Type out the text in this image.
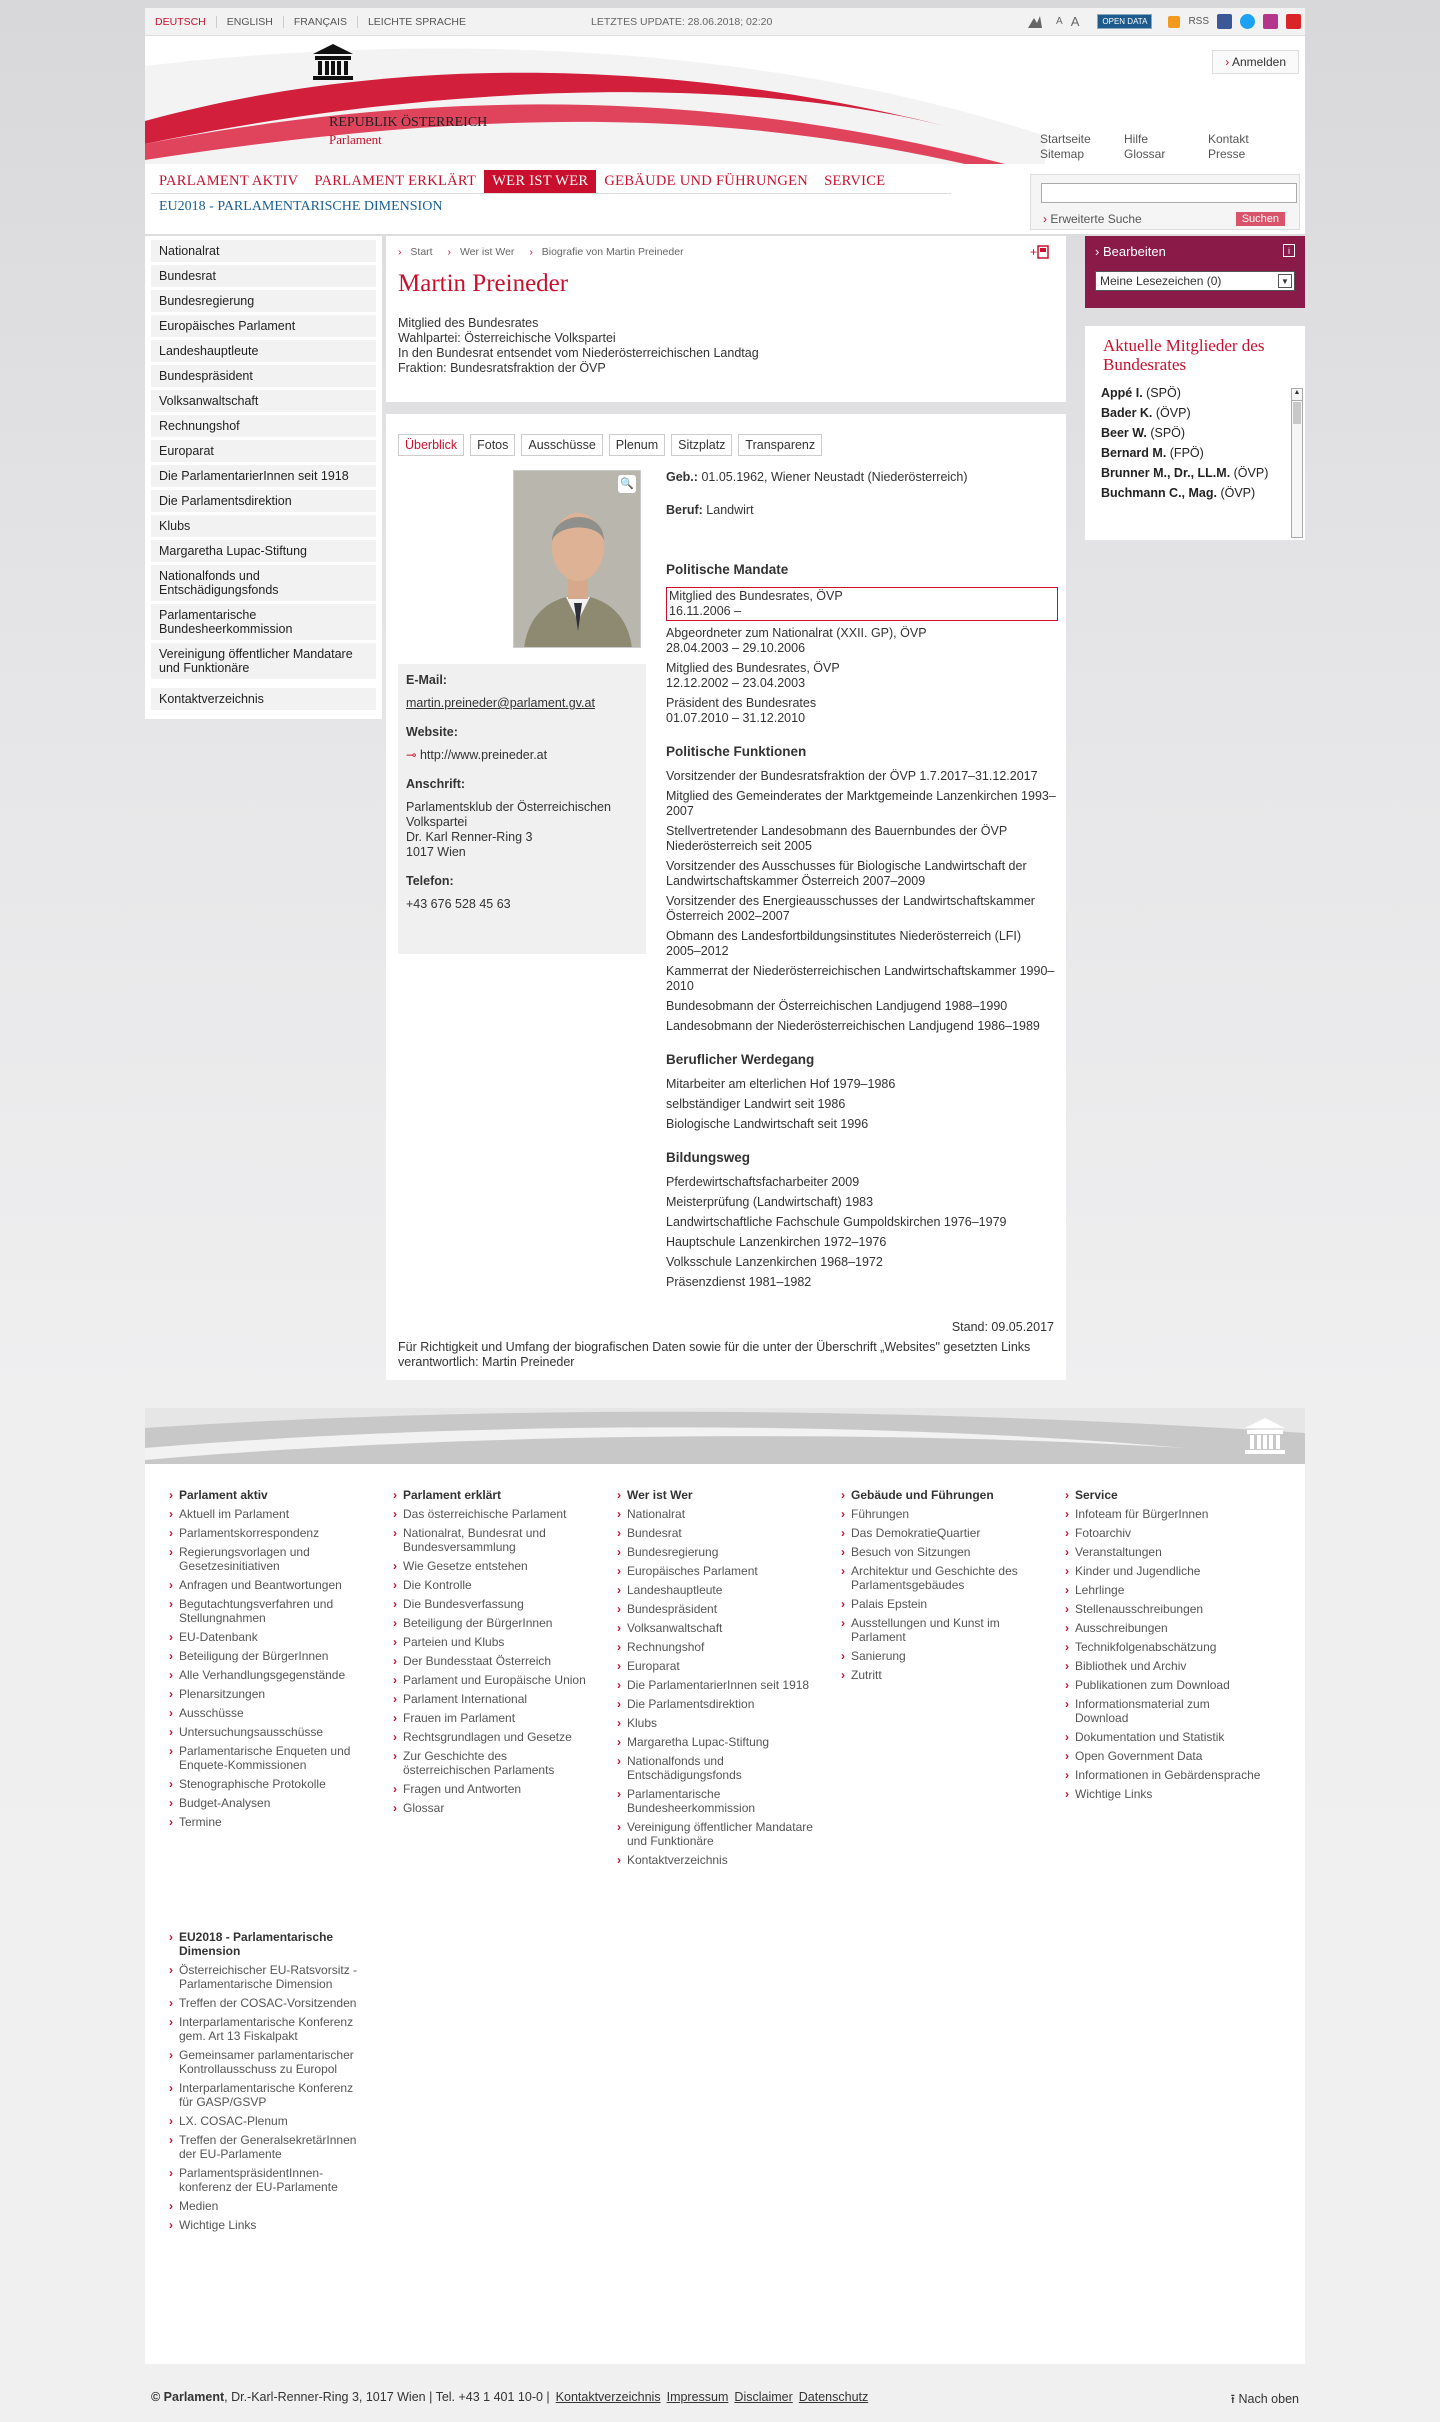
DEUTSCH	ENGLISH	FRANÇAIS	LEICHTE SPRACHE	LETZTES UPDATE: 28.06.2018; 02:20	A A	OPEN DATA	RSS
REPUBLIK ÖSTERREICH
Parlament
› Anmelden
Startseite	Hilfe	Kontakt
Sitemap	Glossar	Presse
PARLAMENT AKTIV	PARLAMENT ERKLÄRT	WER IST WER	GEBÄUDE UND FÜHRUNGEN	SERVICE
EU2018 - PARLAMENTARISCHE DIMENSION
› Erweiterte Suche	Suchen
Nationalrat
Bundesrat
Bundesregierung
Europäisches Parlament
Landeshauptleute
Bundespräsident
Volksanwaltschaft
Rechnungshof
Europarat
Die ParlamentarierInnen seit 1918
Die Parlamentsdirektion
Klubs
Margaretha Lupac-Stiftung
Nationalfonds und Entschädigungsfonds
Parlamentarische Bundesheerkommission
Vereinigung öffentlicher Mandatare und Funktionäre
Kontaktverzeichnis
› Start › Wer ist Wer › Biografie von Martin Preineder	+
Martin Preineder
Mitglied des Bundesrates
Wahlpartei: Österreichische Volkspartei
In den Bundesrat entsendet vom Niederösterreichischen Landtag
Fraktion: Bundesratsfraktion der ÖVP
Überblick	Fotos	Ausschüsse	Plenum	Sitzplatz	Transparenz
🔍
E-Mail:
martin.preineder@parlament.gv.at
Website:
⊸ http://www.preineder.at
Anschrift:
Parlamentsklub der Österreichischen Volkspartei
Dr. Karl Renner-Ring 3
1017 Wien
Telefon:
+43 676 528 45 63
Geb.: 01.05.1962, Wiener Neustadt (Niederösterreich)
Beruf: Landwirt
Politische Mandate
Mitglied des Bundesrates, ÖVP
16.11.2006 –
Abgeordneter zum Nationalrat (XXII. GP), ÖVP
28.04.2003 – 29.10.2006
Mitglied des Bundesrates, ÖVP
12.12.2002 – 23.04.2003
Präsident des Bundesrates
01.07.2010 – 31.12.2010
Politische Funktionen
Vorsitzender der Bundesratsfraktion der ÖVP 1.7.2017–31.12.2017
Mitglied des Gemeinderates der Marktgemeinde Lanzenkirchen 1993–2007
Stellvertretender Landesobmann des Bauernbundes der ÖVP Niederösterreich seit 2005
Vorsitzender des Ausschusses für Biologische Landwirtschaft der Landwirtschaftskammer Österreich 2007–2009
Vorsitzender des Energieausschusses der Landwirtschaftskammer Österreich 2002–2007
Obmann des Landesfortbildungsinstitutes Niederösterreich (LFI) 2005–2012
Kammerrat der Niederösterreichischen Landwirtschaftskammer 1990–2010
Bundesobmann der Österreichischen Landjugend 1988–1990
Landesobmann der Niederösterreichischen Landjugend 1986–1989
Beruflicher Werdegang
Mitarbeiter am elterlichen Hof 1979–1986
selbständiger Landwirt seit 1986
Biologische Landwirtschaft seit 1996
Bildungsweg
Pferdewirtschaftsfacharbeiter 2009
Meisterprüfung (Landwirtschaft) 1983
Landwirtschaftliche Fachschule Gumpoldskirchen 1976–1979
Hauptschule Lanzenkirchen 1972–1976
Volksschule Lanzenkirchen 1968–1972
Präsenzdienst 1981–1982
Stand: 09.05.2017
Für Richtigkeit und Umfang der biografischen Daten sowie für die unter der Überschrift „Websites" gesetzten Links verantwortlich: Martin Preineder
› Bearbeiten	i
Meine Lesezeichen (0)	▼
Aktuelle Mitglieder des Bundesrates
Appé I. (SPÖ)
Bader K. (ÖVP)
Beer W. (SPÖ)
Bernard M. (FPÖ)
Brunner M., Dr., LL.M. (ÖVP)
Buchmann C., Mag. (ÖVP)
▲
› Parlament aktiv
› Aktuell im Parlament
› Parlamentskorrespondenz
› Regierungsvorlagen und Gesetzesinitiativen
› Anfragen und Beantwortungen
› Begutachtungsverfahren und Stellungnahmen
› EU-Datenbank
› Beteiligung der BürgerInnen
› Alle Verhandlungsgegenstände
› Plenarsitzungen
› Ausschüsse
› Untersuchungsausschüsse
› Parlamentarische Enqueten und Enquete-Kommissionen
› Stenographische Protokolle
› Budget-Analysen
› Termine
› Parlament erklärt
› Das österreichische Parlament
› Nationalrat, Bundesrat und Bundesversammlung
› Wie Gesetze entstehen
› Die Kontrolle
› Die Bundesverfassung
› Beteiligung der BürgerInnen
› Parteien und Klubs
› Der Bundesstaat Österreich
› Parlament und Europäische Union
› Parlament International
› Frauen im Parlament
› Rechtsgrundlagen und Gesetze
› Zur Geschichte des österreichischen Parlaments
› Fragen und Antworten
› Glossar
› Wer ist Wer
› Nationalrat
› Bundesrat
› Bundesregierung
› Europäisches Parlament
› Landeshauptleute
› Bundespräsident
› Volksanwaltschaft
› Rechnungshof
› Europarat
› Die ParlamentarierInnen seit 1918
› Die Parlamentsdirektion
› Klubs
› Margaretha Lupac-Stiftung
› Nationalfonds und Entschädigungsfonds
› Parlamentarische Bundesheerkommission
› Vereinigung öffentlicher Mandatare und Funktionäre
› Kontaktverzeichnis
› Gebäude und Führungen
› Führungen
› Das DemokratieQuartier
› Besuch von Sitzungen
› Architektur und Geschichte des Parlamentsgebäudes
› Palais Epstein
› Ausstellungen und Kunst im Parlament
› Sanierung
› Zutritt
› Service
› Infoteam für BürgerInnen
› Fotoarchiv
› Veranstaltungen
› Kinder und Jugendliche
› Lehrlinge
› Stellenausschreibungen
› Ausschreibungen
› Technikfolgenabschätzung
› Bibliothek und Archiv
› Publikationen zum Download
› Informationsmaterial zum Download
› Dokumentation und Statistik
› Open Government Data
› Informationen in Gebärdensprache
› Wichtige Links
› EU2018 - Parlamentarische Dimension
› Österreichischer EU-Ratsvorsitz - Parlamentarische Dimension
› Treffen der COSAC-Vorsitzenden
› Interparlamentarische Konferenz gem. Art 13 Fiskalpakt
› Gemeinsamer parlamentarischer Kontrollausschuss zu Europol
› Interparlamentarische Konferenz für GASP/GSVP
› LX. COSAC-Plenum
› Treffen der GeneralsekretärInnen der EU-Parlamente
› ParlamentspräsidentInnen-konferenz der EU-Parlamente
› Medien
› Wichtige Links
© Parlament, Dr.-Karl-Renner-Ring 3, 1017 Wien | Tel. +43 1 401 10-0 | Kontaktverzeichnis Impressum Disclaimer Datenschutz	⭱ Nach oben
